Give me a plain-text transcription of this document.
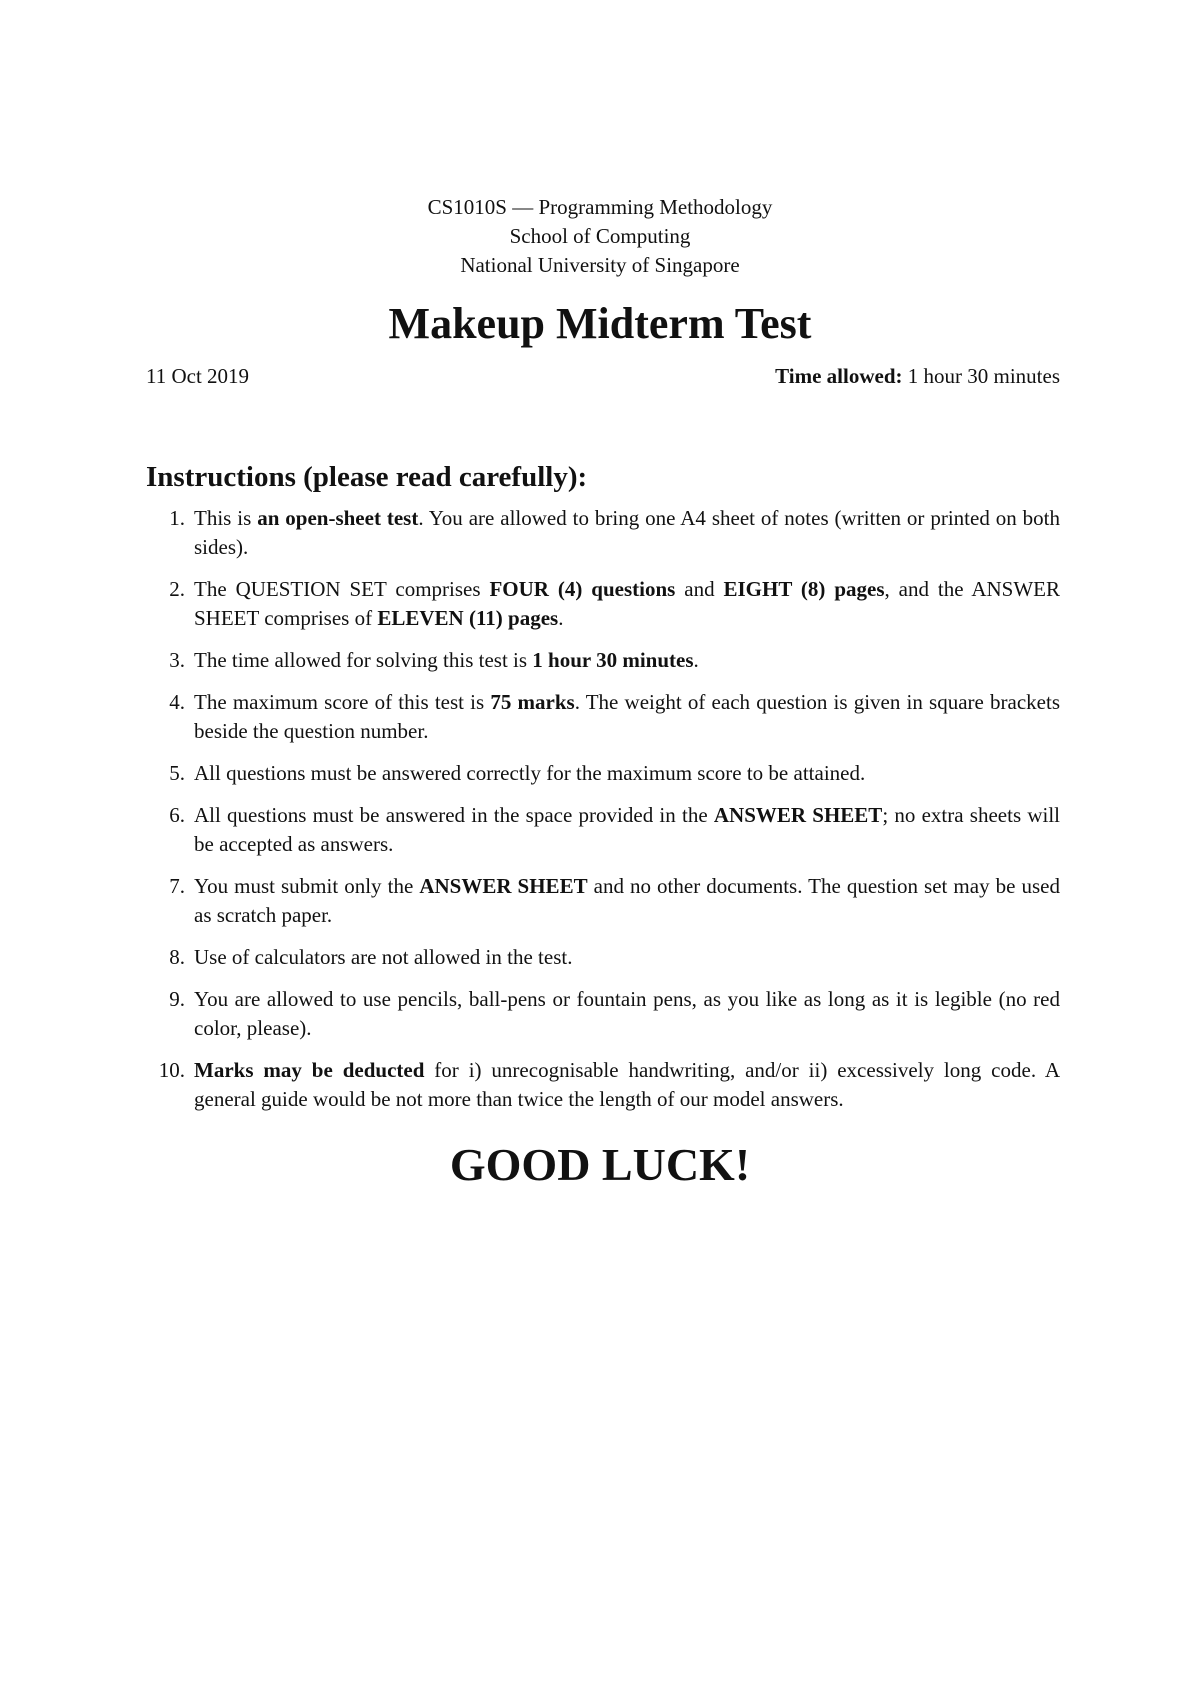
CS1010S — Programming Methodology
School of Computing
National University of Singapore
Makeup Midterm Test
11 Oct 2019	Time allowed: 1 hour 30 minutes
Instructions (please read carefully):
1. This is an open-sheet test. You are allowed to bring one A4 sheet of notes (written or printed on both sides).
2. The QUESTION SET comprises FOUR (4) questions and EIGHT (8) pages, and the ANSWER SHEET comprises of ELEVEN (11) pages.
3. The time allowed for solving this test is 1 hour 30 minutes.
4. The maximum score of this test is 75 marks. The weight of each question is given in square brackets beside the question number.
5. All questions must be answered correctly for the maximum score to be attained.
6. All questions must be answered in the space provided in the ANSWER SHEET; no extra sheets will be accepted as answers.
7. You must submit only the ANSWER SHEET and no other documents. The question set may be used as scratch paper.
8. Use of calculators are not allowed in the test.
9. You are allowed to use pencils, ball-pens or fountain pens, as you like as long as it is legible (no red color, please).
10. Marks may be deducted for i) unrecognisable handwriting, and/or ii) excessively long code. A general guide would be not more than twice the length of our model answers.
GOOD LUCK!
